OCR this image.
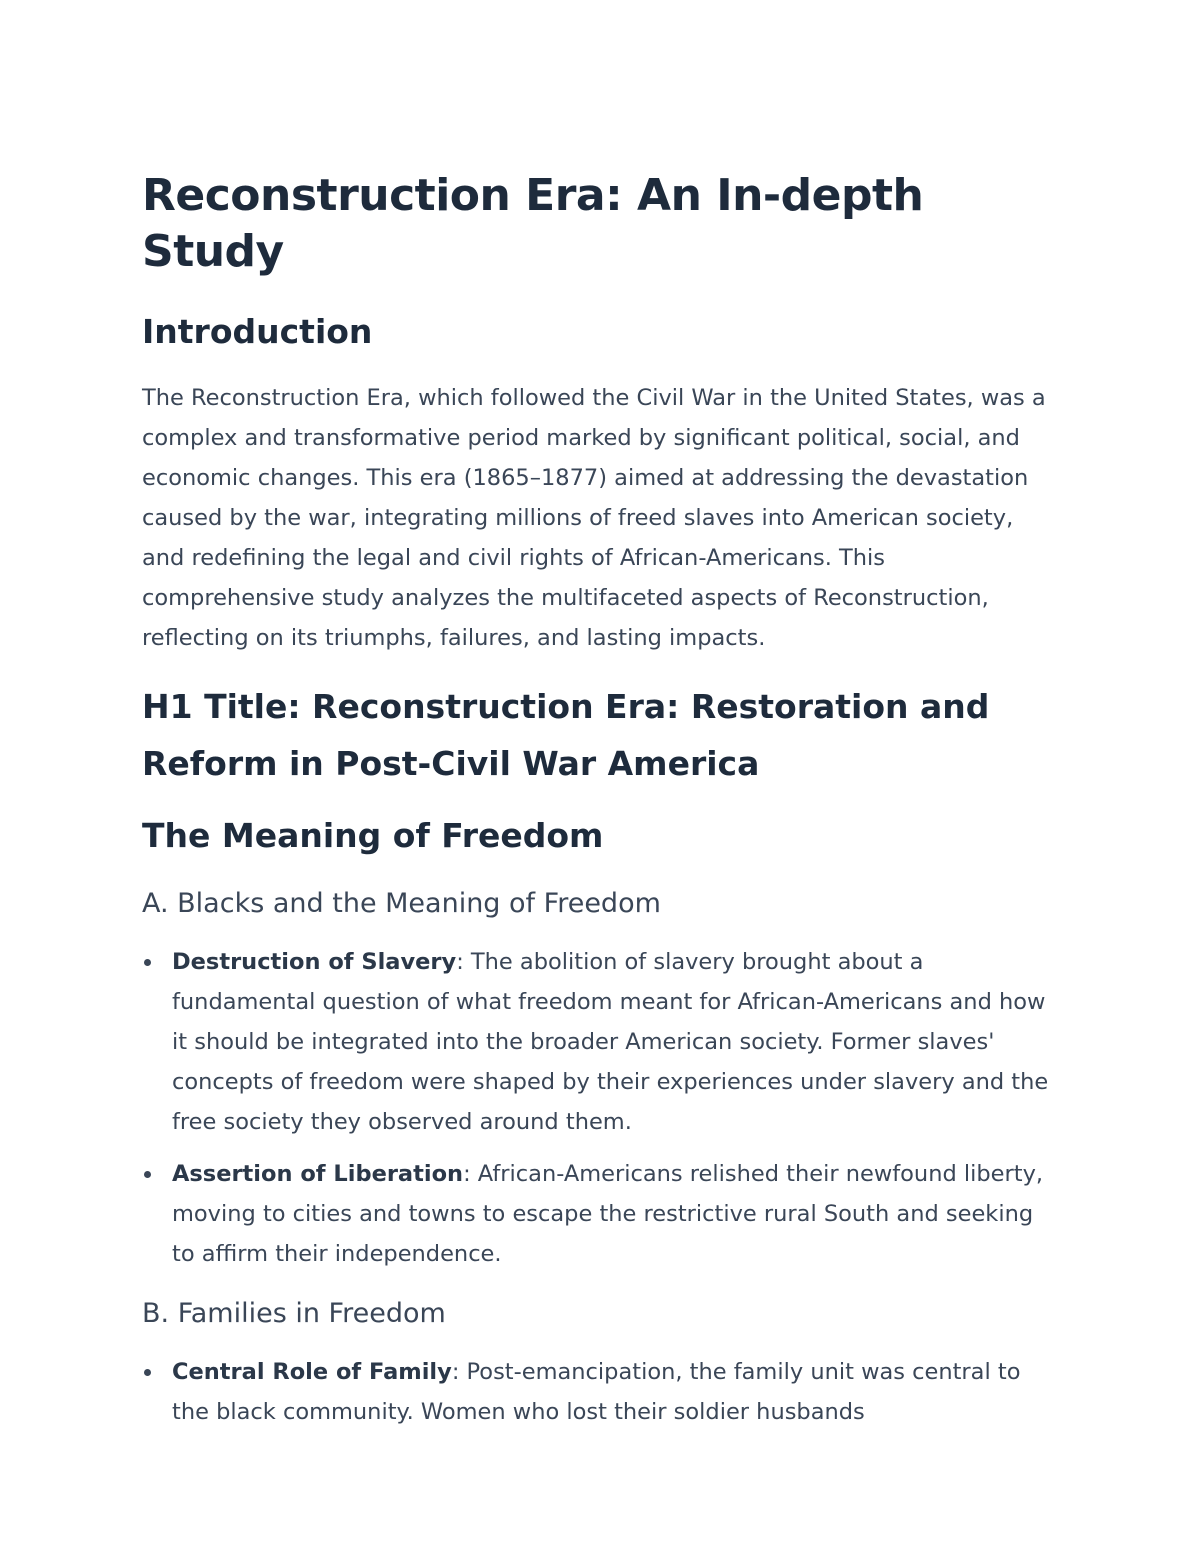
Reconstruction Era: An In-depth Study
Introduction

The Reconstruction Era, which followed the Civil War in the United States, was a complex and transformative period marked by significant political, social, and economic changes. This era (1865–1877) aimed at addressing the devastation caused by the war, integrating millions of freed slaves into American society, and redefining the legal and civil rights of African-Americans. This comprehensive study analyzes the multifaceted aspects of Reconstruction, reflecting on its triumphs, failures, and lasting impacts.

H1 Title: Reconstruction Era: Restoration and Reform in Post-Civil War America
The Meaning of Freedom
A. Blacks and the Meaning of Freedom
Destruction of Slavery: The abolition of slavery brought about a fundamental question of what freedom meant for African-Americans and how it should be integrated into the broader American society. Former slaves' concepts of freedom were shaped by their experiences under slavery and the free society they observed around them.
Assertion of Liberation: African-Americans relished their newfound liberty, moving to cities and towns to escape the restrictive rural South and seeking to affirm their independence.
B. Families in Freedom
Central Role of Family: Post-emancipation, the family unit was central to the black community. Women who lost their soldier husbands
